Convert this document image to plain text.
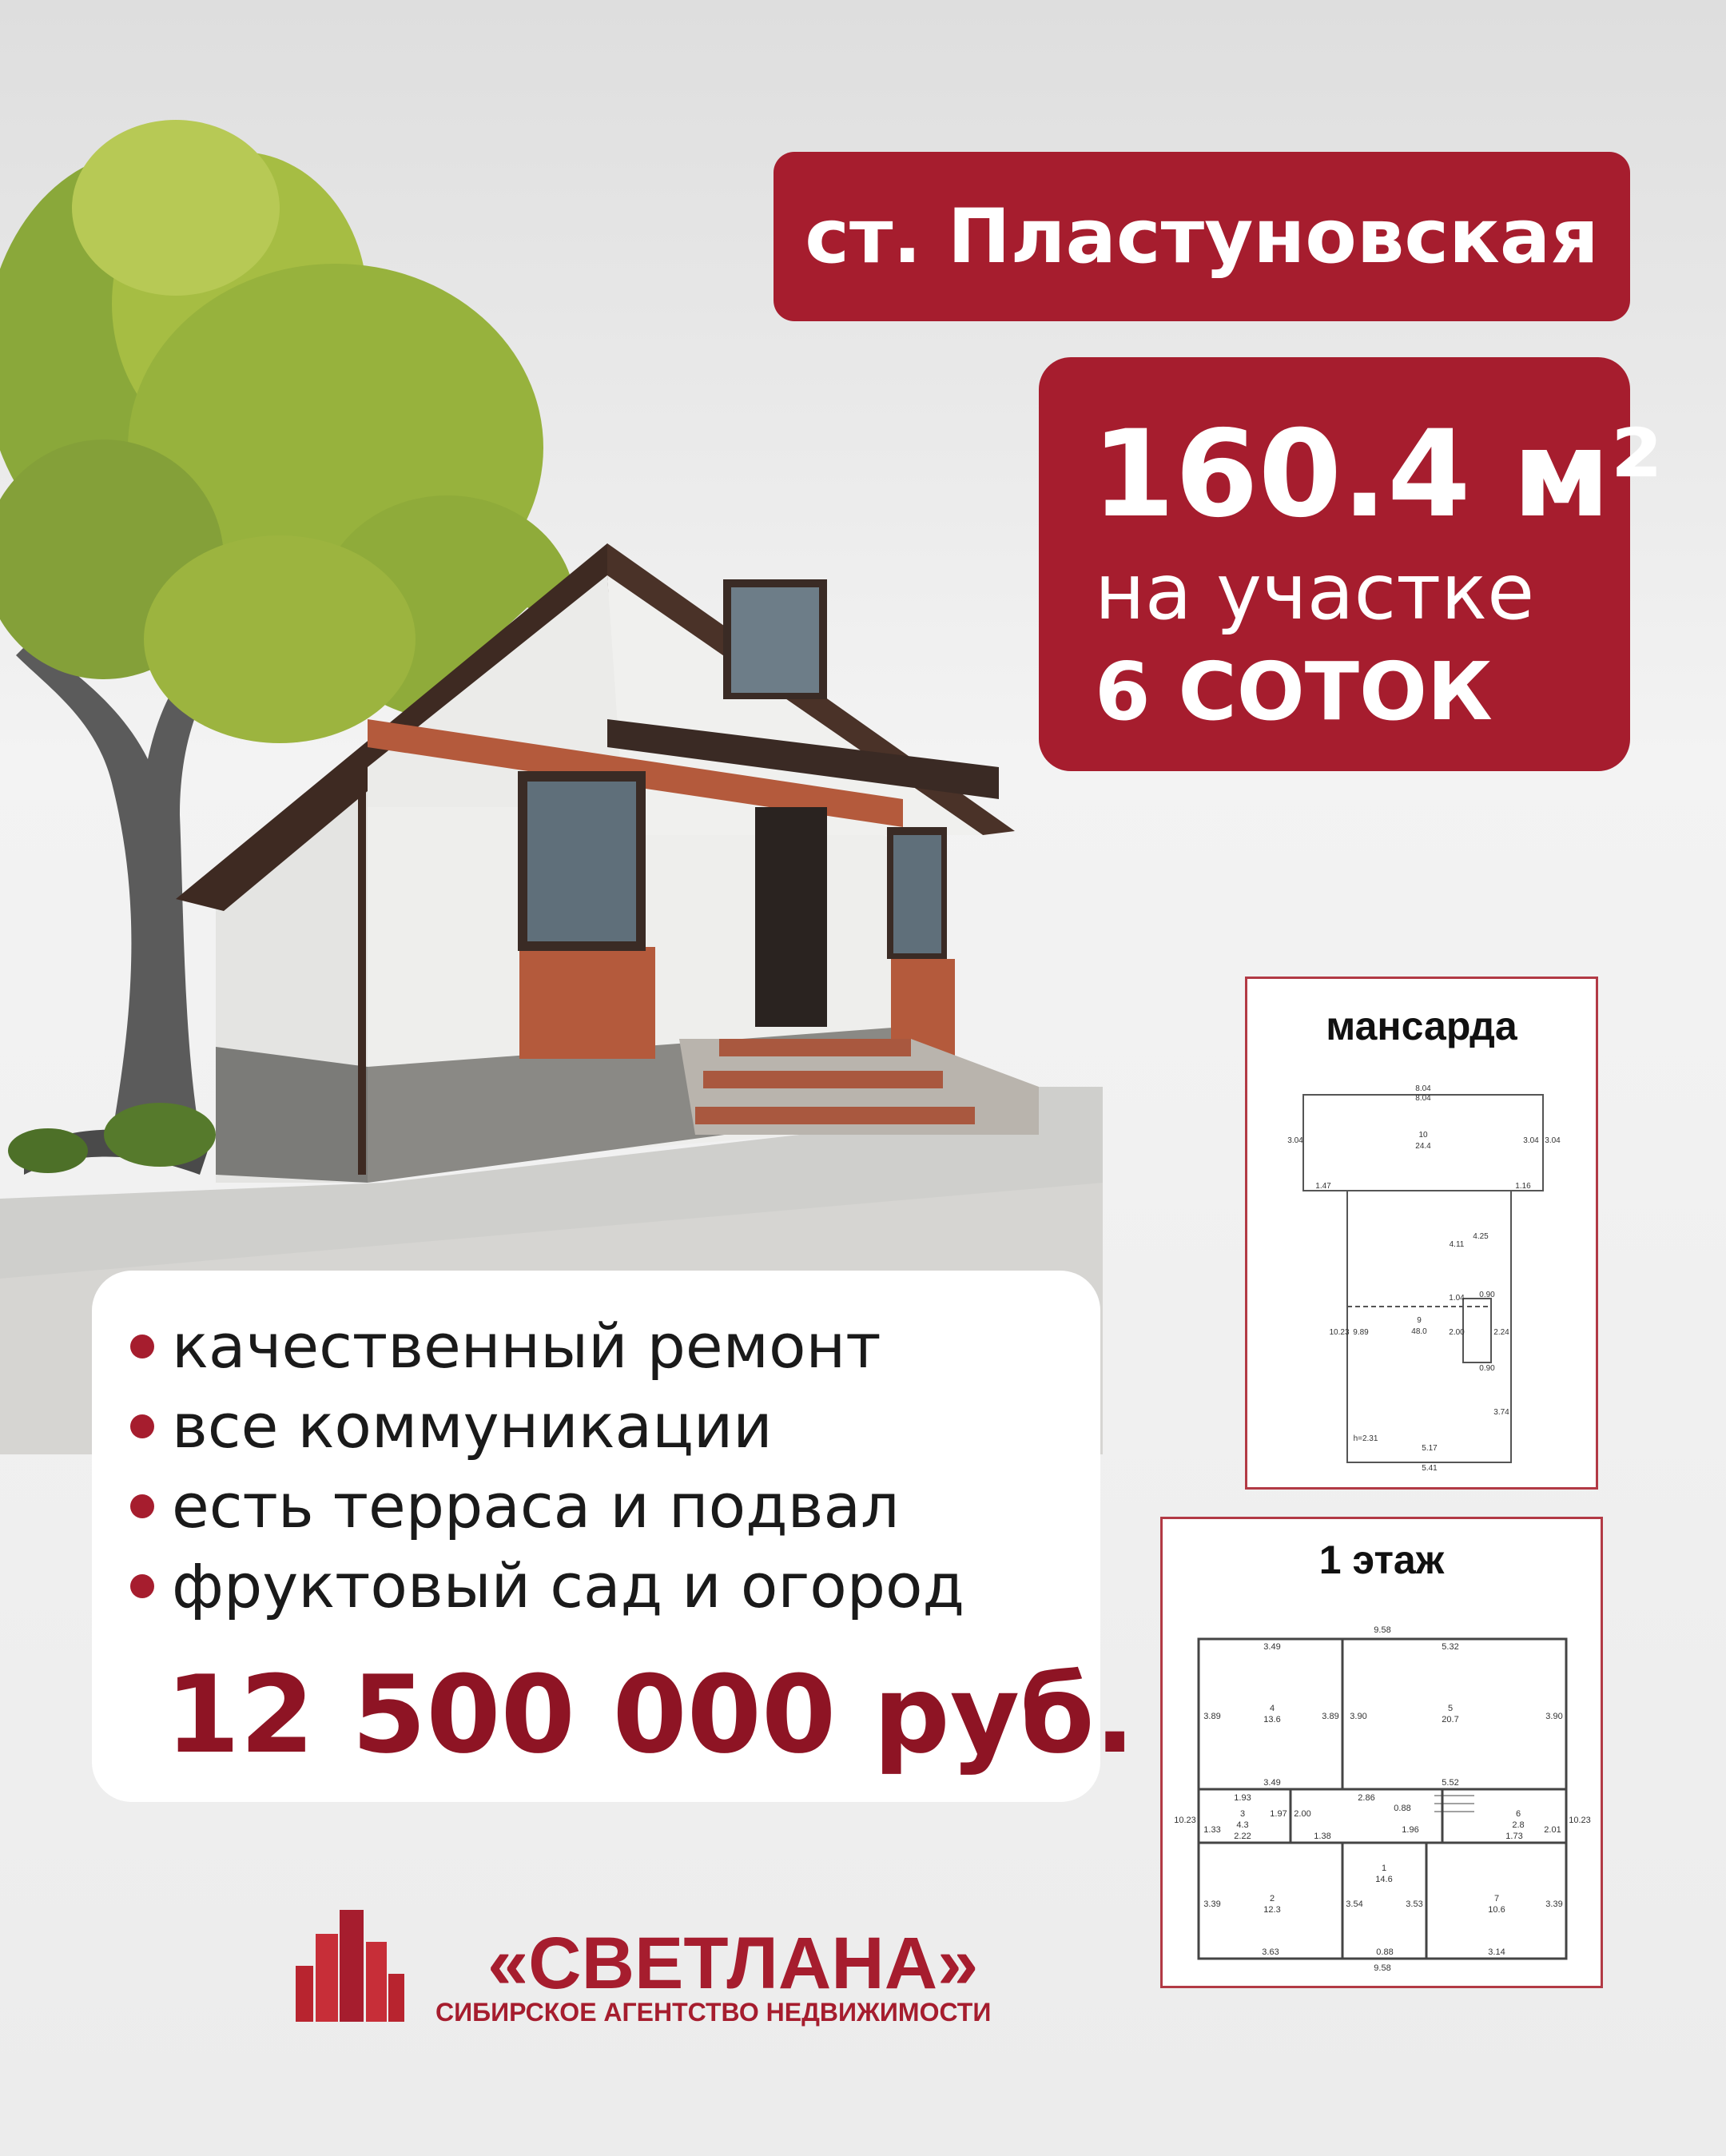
ст. Пластуновская
160.4 м²
на участке
6 СОТОК
качественный ремонт
все коммуникации
есть терраса и подвал
фруктовый сад и огород
12 500 000 руб.
мансарда
8.04
8.04
3.04	3.04 3.04
10
24.4
1.47	1.16
4.11
4.25
1.04 0.90
9
48.0
10.23 9.89	2.00	2.24
0.90
3.74
h=2.31
5.17
5.41
1 этаж
9.58
3.49	5.32
4
13.6
5
20.7
3.89	3.89 3.90	3.90
3.49	5.52
1.93	2.86
0.88
3
4.3
1.97 2.00
1.96
6
2.8
10.23	10.23
1.33	2.01
2.22	1.38	1.73
1
14.6
2
12.3
7
10.6
3.39	3.54	3.53	3.39
3.63	0.88	3.14
9.58
«СВЕТЛАНА»
СИБИРСКОЕ АГЕНТСТВО НЕДВИЖИМОСТИ
